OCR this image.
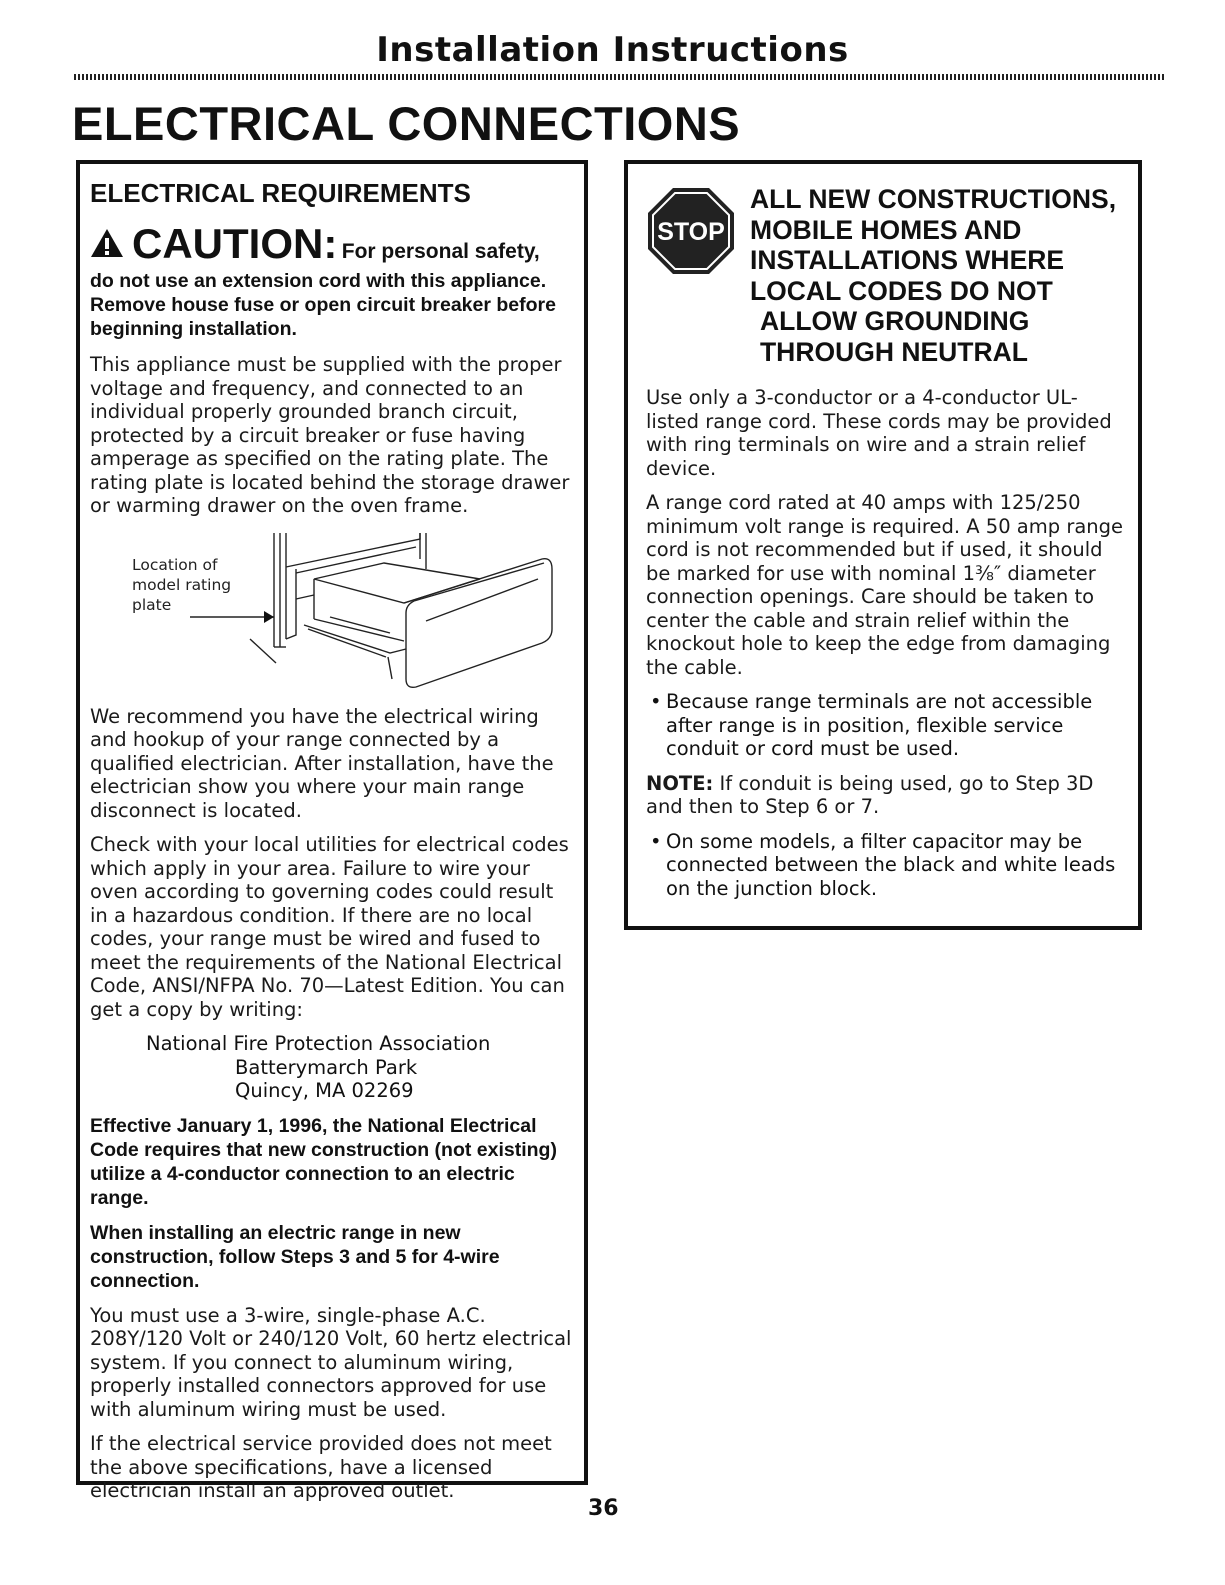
Installation Instructions
ELECTRICAL CONNECTIONS
ELECTRICAL REQUIREMENTS
CAUTION: For personal safety,
do not use an extension cord with this appliance. Remove house fuse or open circuit breaker before beginning installation.

This appliance must be supplied with the proper voltage and frequency, and connected to an individual properly grounded branch circuit, protected by a circuit breaker or fuse having amperage as specified on the rating plate. The rating plate is located behind the storage drawer or warming drawer on the oven frame.

Location of
model rating
plate

We recommend you have the electrical wiring and hookup of your range connected by a qualified electrician. After installation, have the electrician show you where your main range disconnect is located.

Check with your local utilities for electrical codes which apply in your area. Failure to wire your oven according to governing codes could result in a hazardous condition. If there are no local codes, your range must be wired and fused to meet the requirements of the National Electrical Code, ANSI/NFPA No. 70—Latest Edition. You can get a copy by writing:

National Fire Protection Association
Batterymarch Park
Quincy, MA 02269

Effective January 1, 1996, the National Electrical Code requires that new construction (not existing) utilize a 4-conductor connection to an electric range.

When installing an electric range in new construction, follow Steps 3 and 5 for 4-wire connection.

You must use a 3-wire, single-phase A.C. 208Y/120 Volt or 240/120 Volt, 60 hertz electrical system. If you connect to aluminum wiring, properly installed connectors approved for use with aluminum wiring must be used.

If the electrical service provided does not meet the above specifications, have a licensed electrician install an approved outlet.

STOP
ALL NEW CONSTRUCTIONS,
MOBILE HOMES AND
INSTALLATIONS WHERE
LOCAL CODES DO NOT
ALLOW GROUNDING
THROUGH NEUTRAL

Use only a 3-conductor or a 4-conductor UL-listed range cord. These cords may be provided with ring terminals on wire and a strain relief device.

A range cord rated at 40 amps with 125/250 minimum volt range is required. A 50 amp range cord is not recommended but if used, it should be marked for use with nominal 1⅜″ diameter connection openings. Care should be taken to center the cable and strain relief within the knockout hole to keep the edge from damaging the cable.

• Because range terminals are not accessible after range is in position, flexible service conduit or cord must be used.

NOTE: If conduit is being used, go to Step 3D and then to Step 6 or 7.

• On some models, a filter capacitor may be connected between the black and white leads on the junction block.
36
